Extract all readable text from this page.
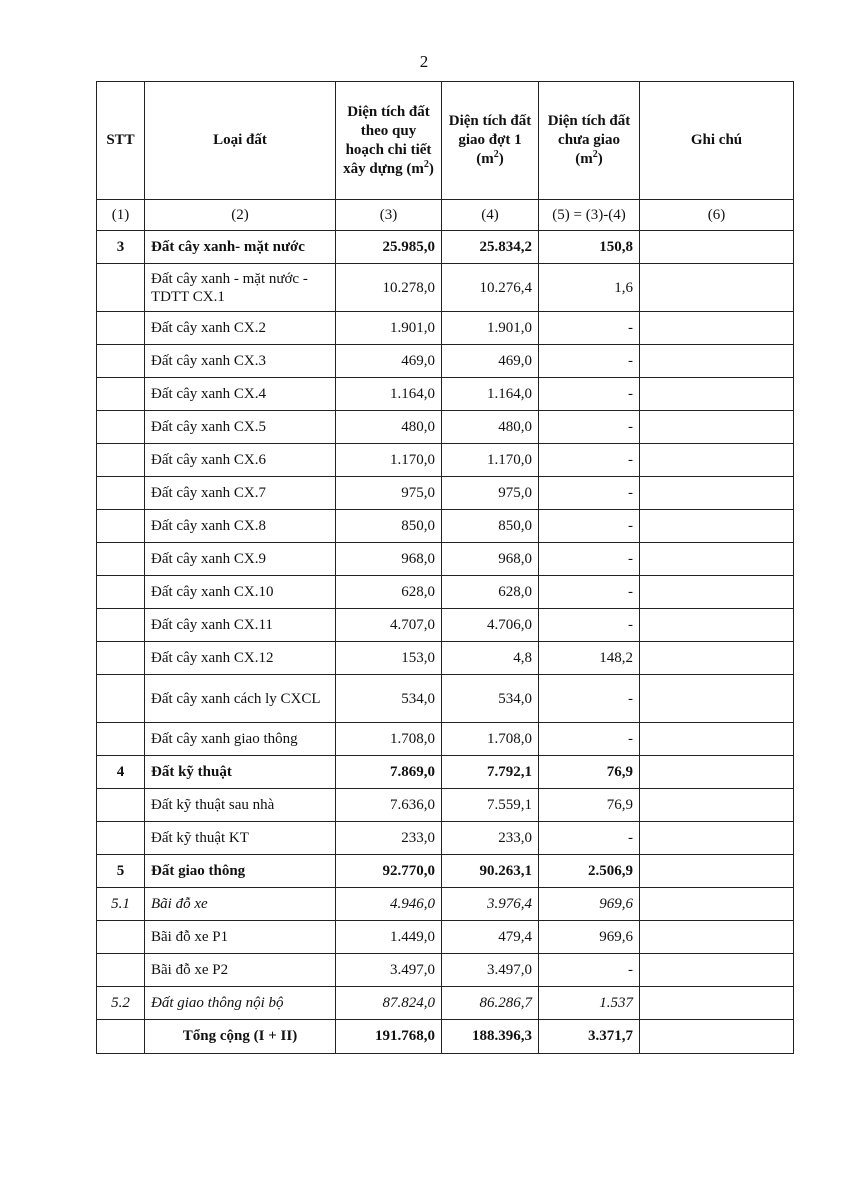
2
STT	Loại đất	Diện tích đất theo quy hoạch chi tiết xây dựng $(m^2)$	Diện tích đất giao đợt 1 $(m^2)$	Diện tích đất chưa giao $(m^2)$	Ghi chú
(1)	(2)	(3)	(4)	(5) = (3)-(4)	(6)
3	Đất cây xanh- mặt nước	25.985,0	25.834,2	150,8	
	Đất cây xanh - mặt nước - TDTT CX.1	10.278,0	10.276,4	1,6	
	Đất cây xanh CX.2	1.901,0	1.901,0	-	
	Đất cây xanh CX.3	469,0	469,0	-	
	Đất cây xanh CX.4	1.164,0	1.164,0	-	
	Đất cây xanh CX.5	480,0	480,0	-	
	Đất cây xanh CX.6	1.170,0	1.170,0	-	
	Đất cây xanh CX.7	975,0	975,0	-	
	Đất cây xanh CX.8	850,0	850,0	-	
	Đất cây xanh CX.9	968,0	968,0	-	
	Đất cây xanh CX.10	628,0	628,0	-	
	Đất cây xanh CX.11	4.707,0	4.706,0	-	
	Đất cây xanh CX.12	153,0	4,8	148,2	
	Đất cây xanh cách ly CXCL	534,0	534,0	-	
	Đất cây xanh giao thông	1.708,0	1.708,0	-	
4	Đất kỹ thuật	7.869,0	7.792,1	76,9	
	Đất kỹ thuật sau nhà	7.636,0	7.559,1	76,9	
	Đất kỹ thuật KT	233,0	233,0	-	
5	Đất giao thông	92.770,0	90.263,1	2.506,9	
5.1	Bãi đỗ xe	4.946,0	3.976,4	969,6	
	Bãi đỗ xe P1	1.449,0	479,4	969,6	
	Bãi đỗ xe P2	3.497,0	3.497,0	-	
5.2	Đất giao thông nội bộ	87.824,0	86.286,7	1.537	
	Tổng cộng (I + II)	191.768,0	188.396,3	3.371,7	
